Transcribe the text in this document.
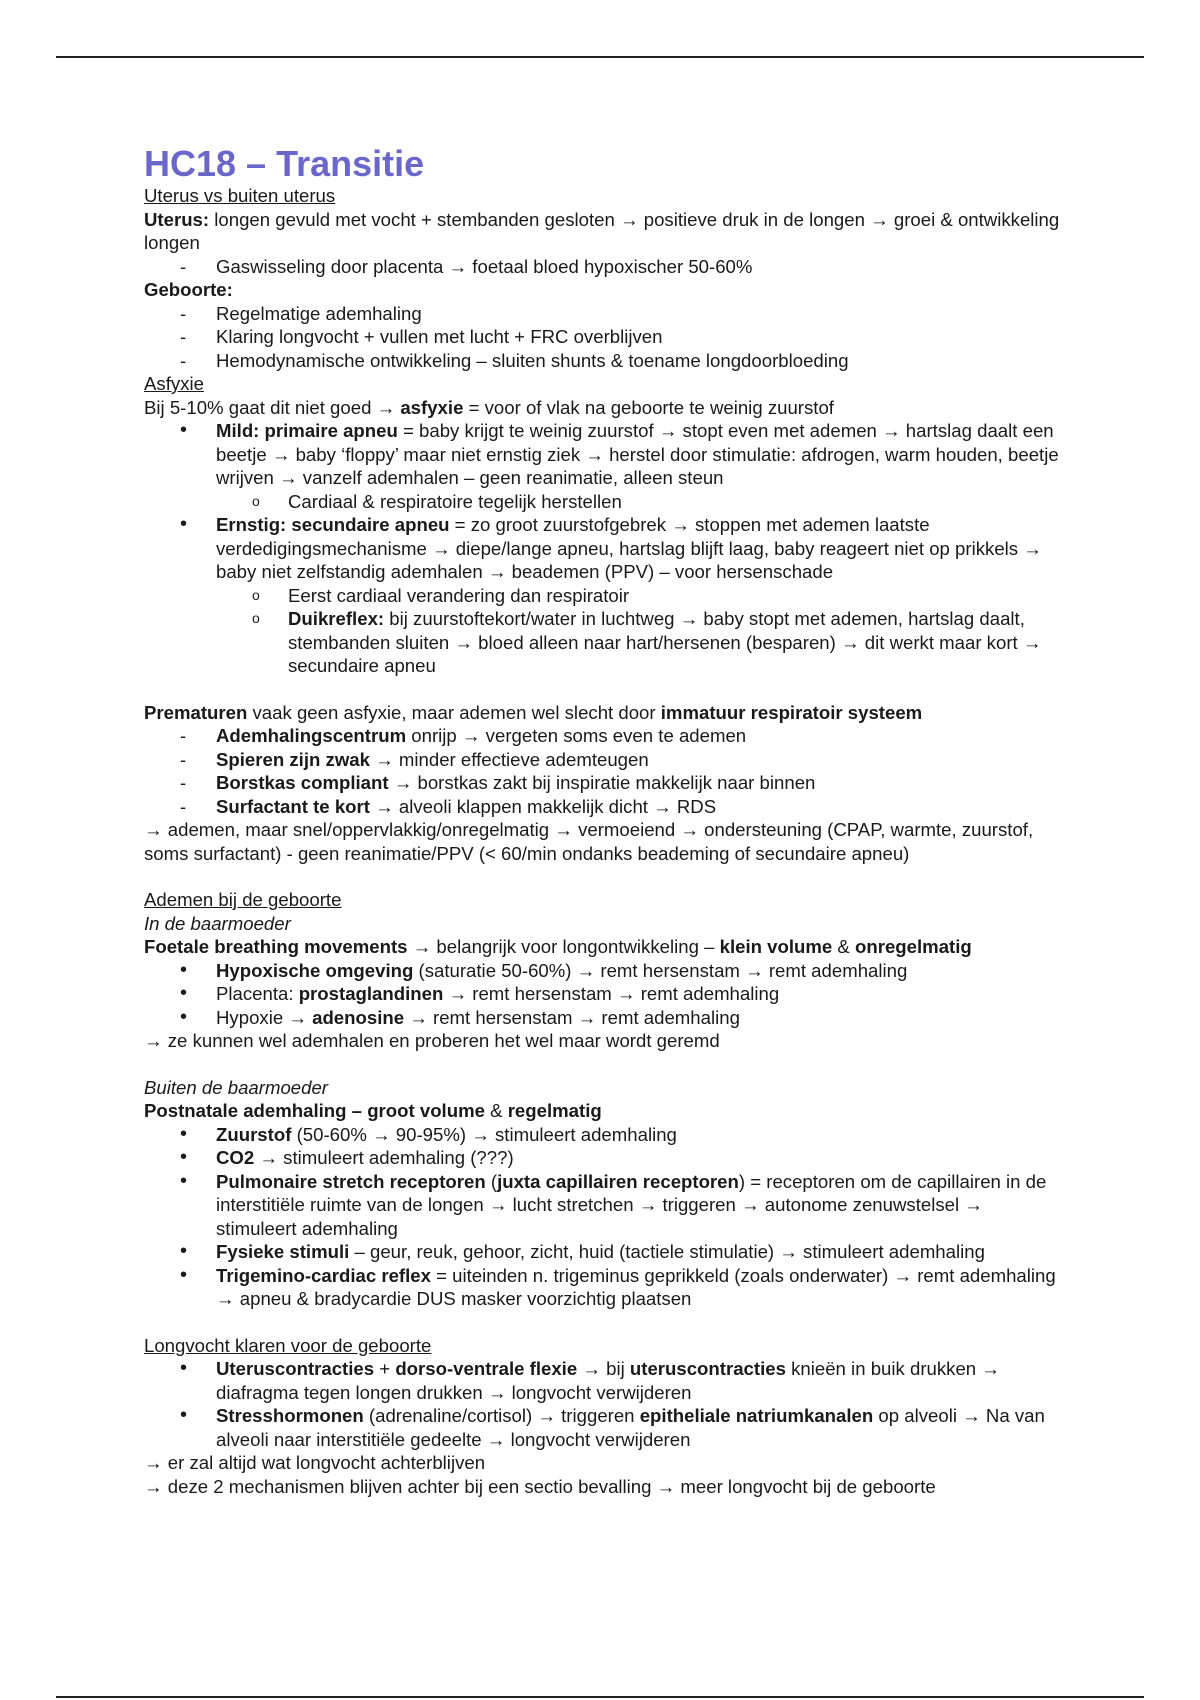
HC18 – Transitie

Uterus vs buiten uterus

Uterus: longen gevuld met vocht + stembanden gesloten → positieve druk in de longen → groei & ontwikkeling longen

- Gaswisseling door placenta → foetaal bloed hypoxischer 50-60%

Geboorte:

- Regelmatige ademhaling

- Klaring longvocht + vullen met lucht + FRC overblijven

- Hemodynamische ontwikkeling – sluiten shunts & toename longdoorbloeding

Asfyxie

Bij 5-10% gaat dit niet goed → asfyxie = voor of vlak na geboorte te weinig zuurstof

• Mild: primaire apneu = baby krijgt te weinig zuurstof → stopt even met ademen → hartslag daalt een beetje → baby ‘floppy’ maar niet ernstig ziek → herstel door stimulatie: afdrogen, warm houden, beetje wrijven → vanzelf ademhalen – geen reanimatie, alleen steun

o Cardiaal & respiratoire tegelijk herstellen

• Ernstig: secundaire apneu = zo groot zuurstofgebrek → stoppen met ademen laatste verdedigingsmechanisme → diepe/lange apneu, hartslag blijft laag, baby reageert niet op prikkels → baby niet zelfstandig ademhalen → beademen (PPV) – voor hersenschade

o Eerst cardiaal verandering dan respiratoir

o Duikreflex: bij zuurstoftekort/water in luchtweg → baby stopt met ademen, hartslag daalt, stembanden sluiten → bloed alleen naar hart/hersenen (besparen) → dit werkt maar kort → secundaire apneu

Prematuren vaak geen asfyxie, maar ademen wel slecht door immatuur respiratoir systeem

- Ademhalingscentrum onrijp → vergeten soms even te ademen

- Spieren zijn zwak → minder effectieve ademteugen

- Borstkas compliant → borstkas zakt bij inspiratie makkelijk naar binnen

- Surfactant te kort → alveoli klappen makkelijk dicht → RDS

→ ademen, maar snel/oppervlakkig/onregelmatig → vermoeiend → ondersteuning (CPAP, warmte, zuurstof, soms surfactant) - geen reanimatie/PPV (< 60/min ondanks beademing of secundaire apneu)

Ademen bij de geboorte

In de baarmoeder

Foetale breathing movements → belangrijk voor longontwikkeling – klein volume & onregelmatig

• Hypoxische omgeving (saturatie 50-60%) → remt hersenstam → remt ademhaling

• Placenta: prostaglandinen → remt hersenstam → remt ademhaling

• Hypoxie → adenosine → remt hersenstam → remt ademhaling

→ ze kunnen wel ademhalen en proberen het wel maar wordt geremd

Buiten de baarmoeder

Postnatale ademhaling – groot volume & regelmatig

• Zuurstof (50-60% → 90-95%) → stimuleert ademhaling

• CO2 → stimuleert ademhaling (???)

• Pulmonaire stretch receptoren (juxta capillairen receptoren) = receptoren om de capillairen in de interstitiële ruimte van de longen → lucht stretchen → triggeren → autonome zenuwstelsel → stimuleert ademhaling

• Fysieke stimuli – geur, reuk, gehoor, zicht, huid (tactiele stimulatie) → stimuleert ademhaling

• Trigemino-cardiac reflex = uiteinden n. trigeminus geprikkeld (zoals onderwater) → remt ademhaling → apneu & bradycardie DUS masker voorzichtig plaatsen

Longvocht klaren voor de geboorte

• Uteruscontracties + dorso-ventrale flexie → bij uteruscontracties knieën in buik drukken → diafragma tegen longen drukken → longvocht verwijderen

• Stresshormonen (adrenaline/cortisol) → triggeren epitheliale natriumkanalen op alveoli → Na van alveoli naar interstitiële gedeelte → longvocht verwijderen

→ er zal altijd wat longvocht achterblijven

→ deze 2 mechanismen blijven achter bij een sectio bevalling → meer longvocht bij de geboorte
